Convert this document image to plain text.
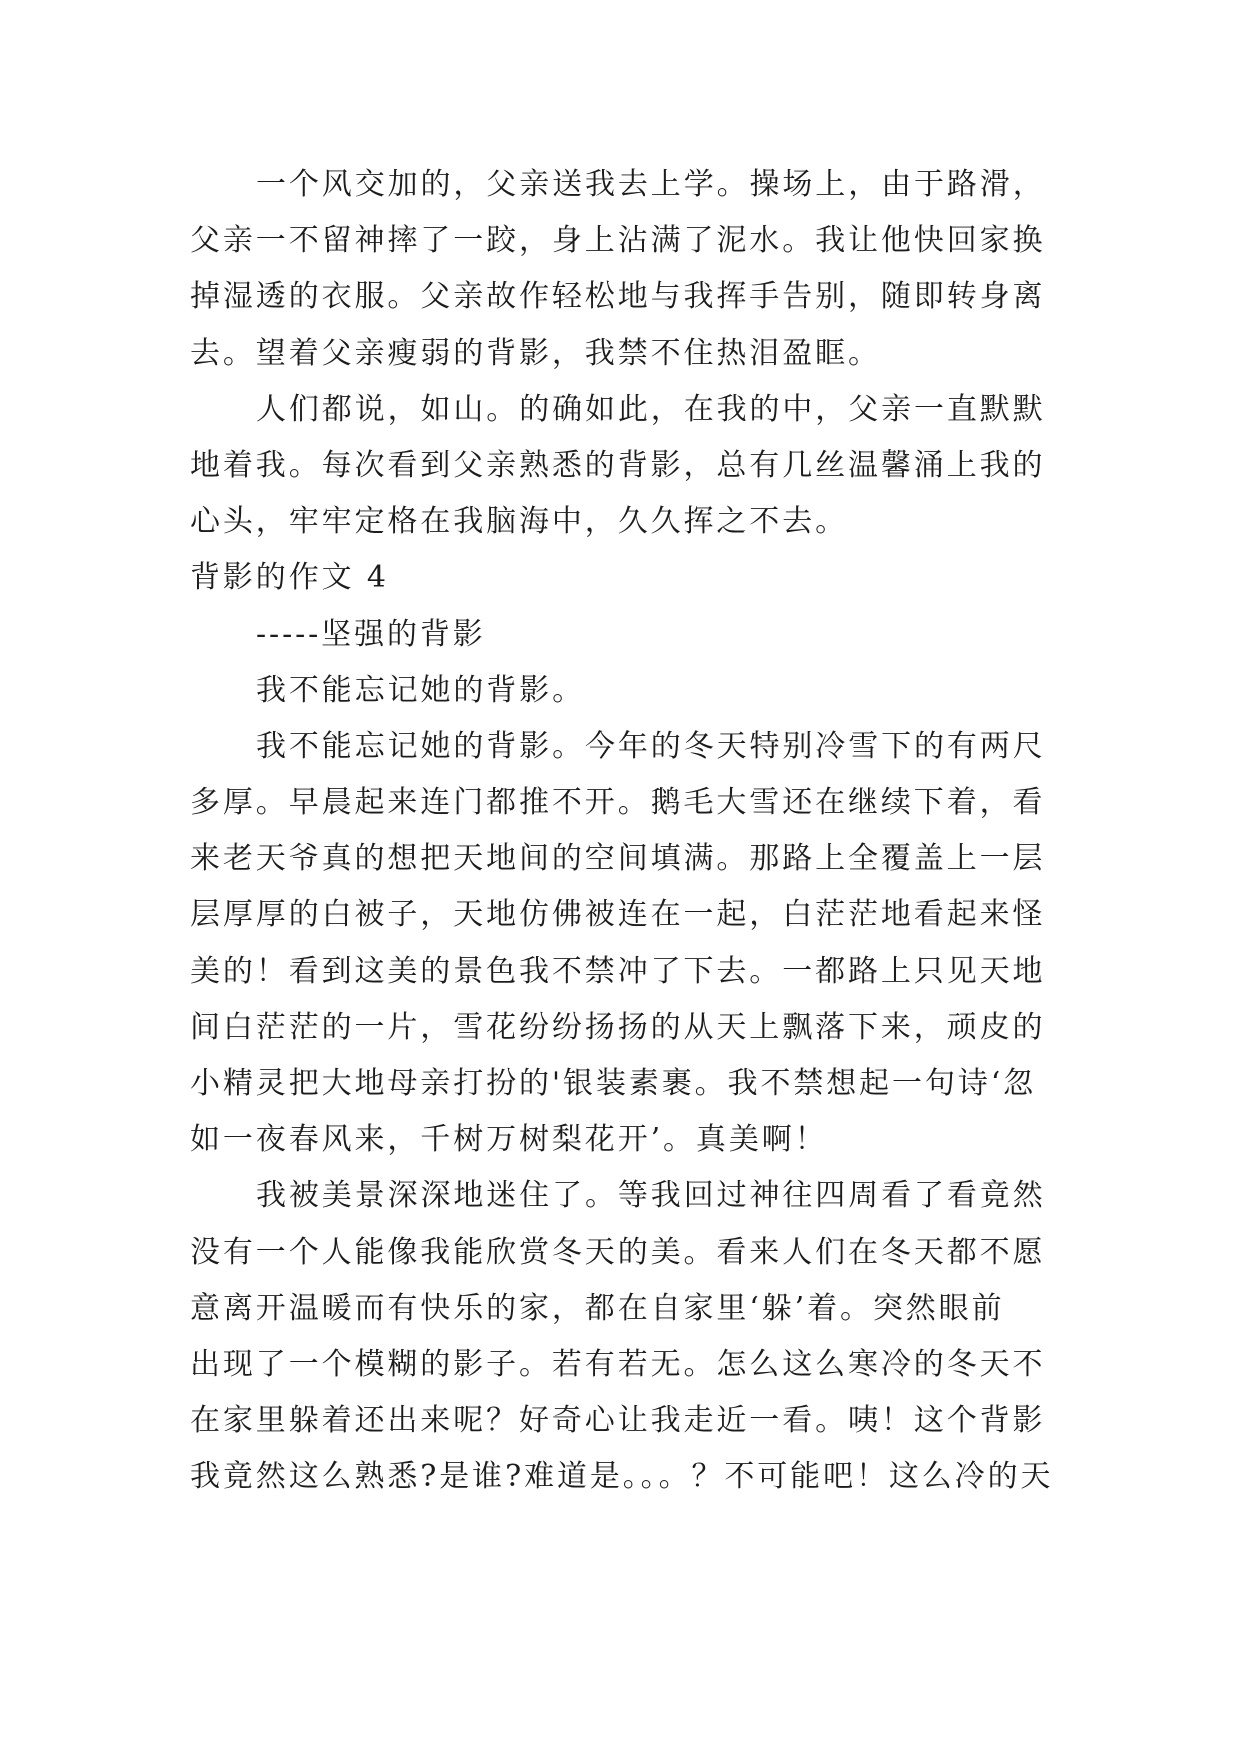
一个风交加的，父亲送我去上学。操场上，由于路滑，
父亲一不留神摔了一跤，身上沾满了泥水。我让他快回家换
掉湿透的衣服。父亲故作轻松地与我挥手告别，随即转身离
去。望着父亲瘦弱的背影，我禁不住热泪盈眶。
人们都说，如山。的确如此，在我的中，父亲一直默默
地着我。每次看到父亲熟悉的背影，总有几丝温馨涌上我的
心头，牢牢定格在我脑海中，久久挥之不去。
背影的作文 4
-----坚强的背影
我不能忘记她的背影。
我不能忘记她的背影。今年的冬天特别冷雪下的有两尺
多厚。早晨起来连门都推不开。鹅毛大雪还在继续下着，看
来老天爷真的想把天地间的空间填满。那路上全覆盖上一层
层厚厚的白被子，天地仿佛被连在一起，白茫茫地看起来怪
美的！看到这美的景色我不禁冲了下去。一都路上只见天地
间白茫茫的一片，雪花纷纷扬扬的从天上飘落下来，顽皮的
小精灵把大地母亲打扮的'银装素裹。我不禁想起一句诗‘忽
如一夜春风来，千树万树梨花开’。真美啊！
我被美景深深地迷住了。等我回过神往四周看了看竟然
没有一个人能像我能欣赏冬天的美。看来人们在冬天都不愿
意离开温暖而有快乐的家，都在自家里‘躲’着。突然眼前
出现了一个模糊的影子。若有若无。怎么这么寒冷的冬天不
在家里躲着还出来呢？好奇心让我走近一看。咦！这个背影
我竟然这么熟悉?是谁?难道是。。。？不可能吧！这么冷的天
